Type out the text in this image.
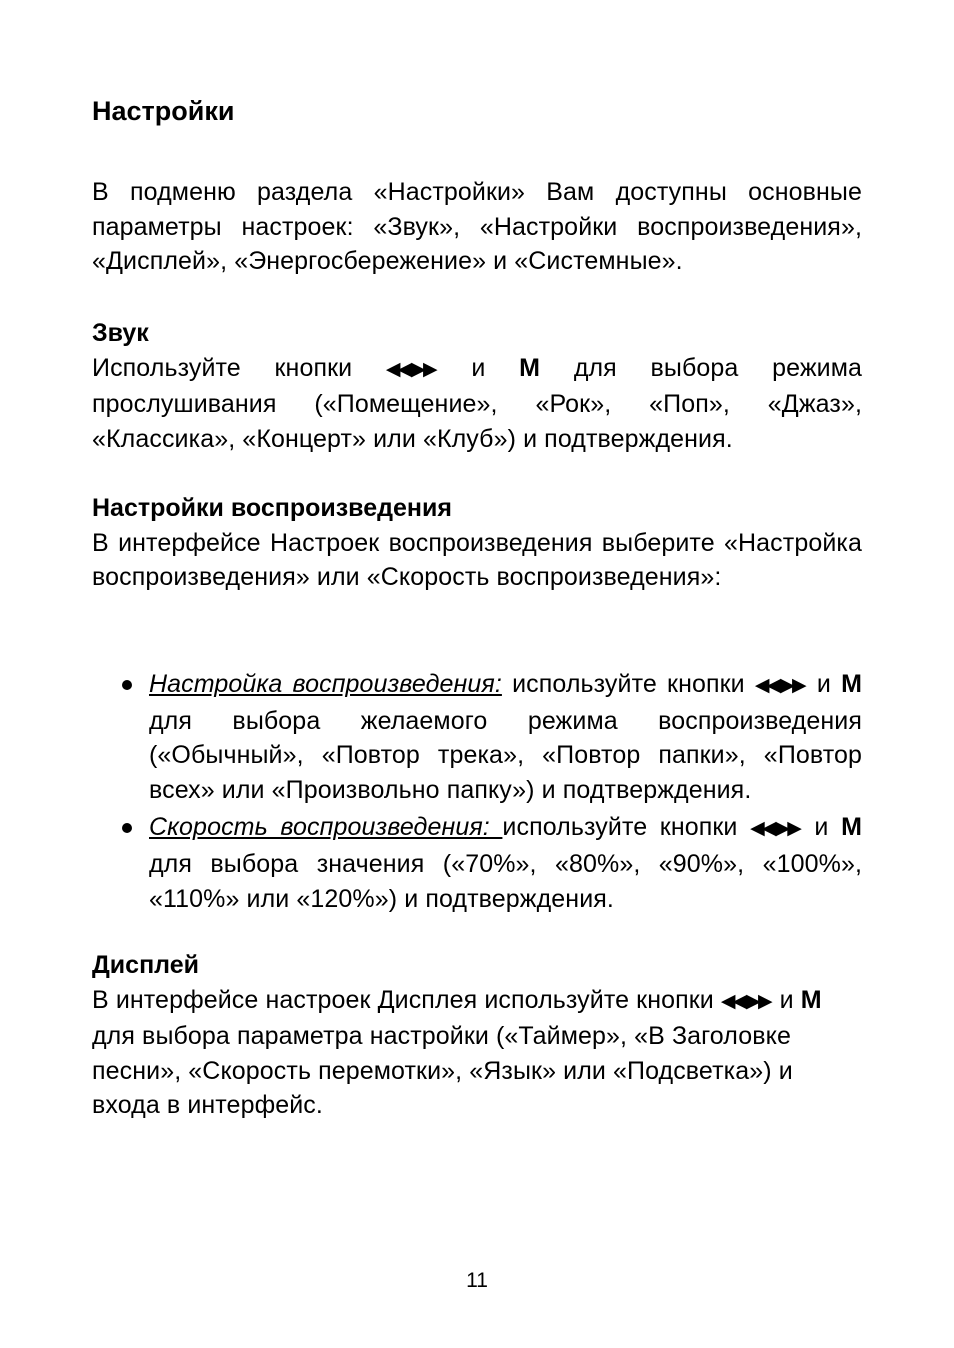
Настройки

В подменю раздела «Настройки» Вам доступны основные параметры настроек: «Звук», «Настройки воспроизведения», «Дисплей», «Энергосбережение» и «Системные».

Звук

Используйте кнопки ◀◀ ▶▶ и М для выбора режима прослушивания («Помещение», «Рок», «Поп», «Джаз», «Классика», «Концерт» или «Клуб») и подтверждения.

Настройки воспроизведения

В интерфейсе Настроек воспроизведения выберите «Настройка воспроизведения» или «Скорость воспроизведения»:

Настройка воспроизведения: используйте кнопки ◀◀ ▶▶ и М для выбора желаемого режима воспроизведения («Обычный», «Повтор трека», «Повтор папки», «Повтор всех» или «Произвольно папку») и подтверждения.

Скорость воспроизведения: используйте кнопки ◀◀ ▶▶ и М для выбора значения («70%», «80%», «90%», «100%», «110%» или «120%») и подтверждения.

Дисплей

В интерфейсе настроек Дисплея используйте кнопки ◀◀ ▶▶ и М для выбора параметра настройки («Таймер», «В Заголовке песни», «Скорость перемотки», «Язык» или «Подсветка») и входа в интерфейс.

11
